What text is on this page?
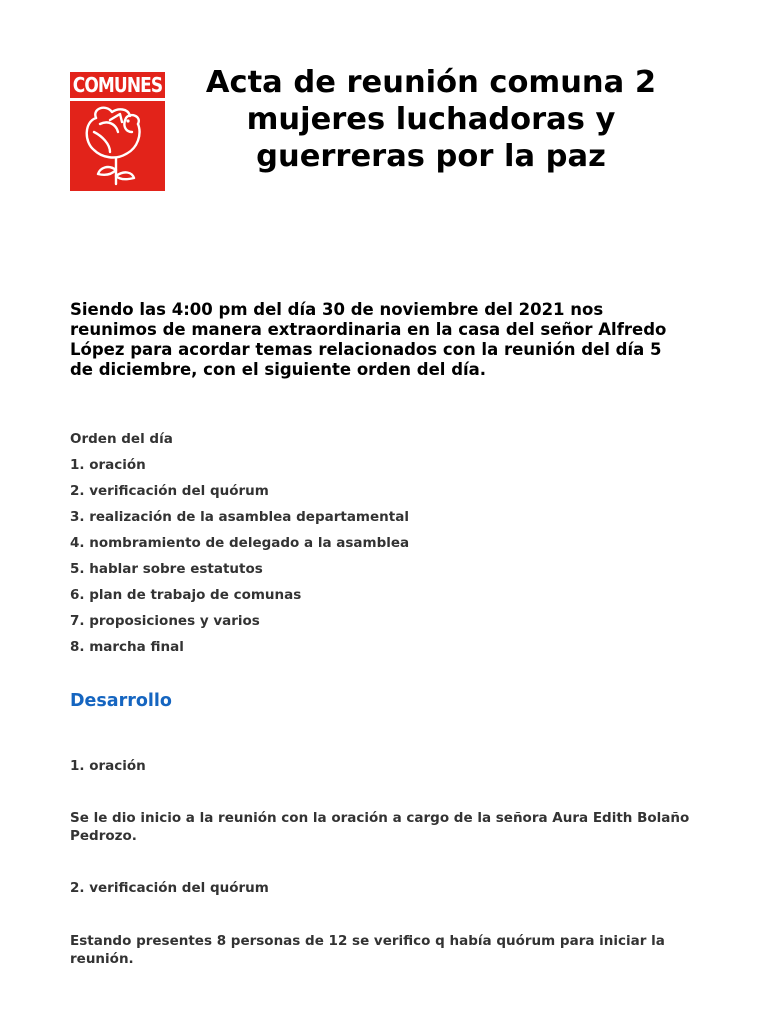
COMUNES	Acta de reunión comuna 2 mujeres luchadoras y guerreras por la paz

Siendo las 4:00 pm del día 30 de noviembre del 2021 nos reunimos de manera extraordinaria en la casa del señor Alfredo López para acordar temas relacionados con la reunión del día 5 de diciembre, con el siguiente orden del día.

Orden del día
1. oración
2. verificación del quórum
3. realización de la asamblea departamental
4. nombramiento de delegado a la asamblea
5. hablar sobre estatutos
6. plan de trabajo de comunas
7. proposiciones y varios
8. marcha final
Desarrollo

1. oración

Se le dio inicio a la reunión con la oración a cargo de la señora Aura Edith Bolaño Pedrozo.

2. verificación del quórum

Estando presentes 8 personas de 12 se verifico q había quórum para iniciar la reunión.
